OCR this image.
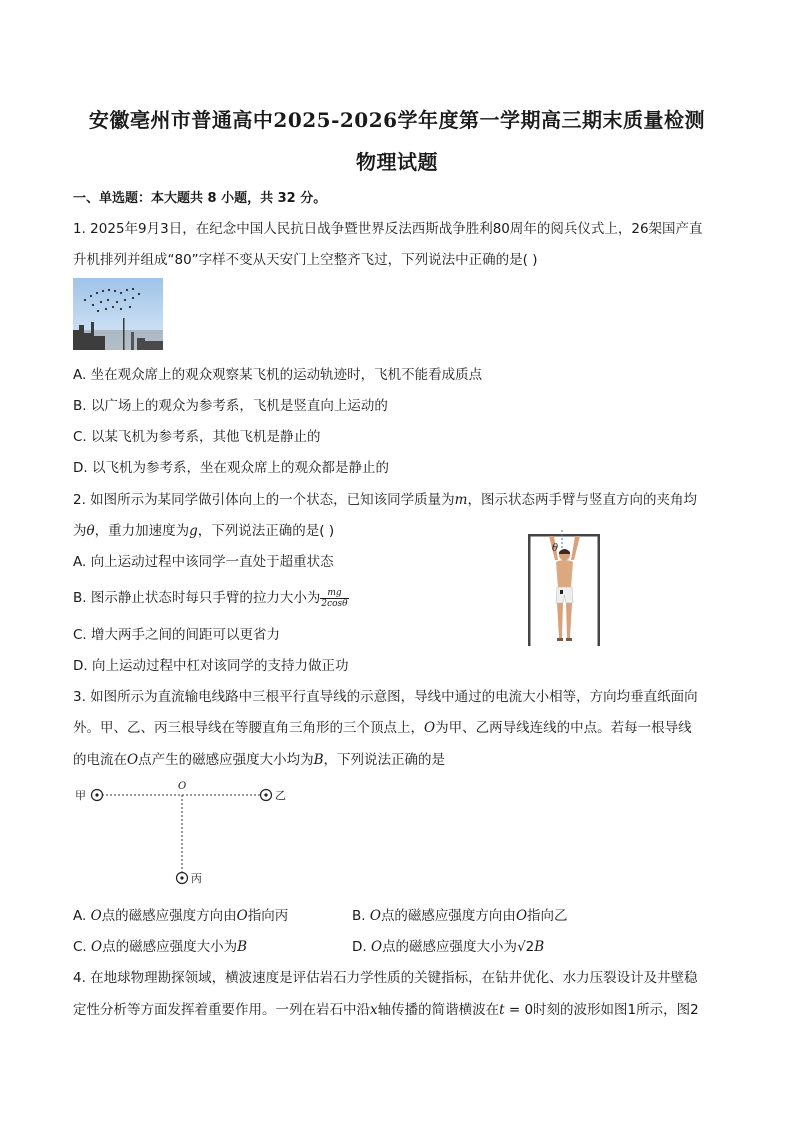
安徽亳州市普通高中2025-2026学年度第一学期高三期末质量检测
物理试题
一、单选题：本大题共 8 小题，共 32 分。
1. 2025年9月3日，在纪念中国人民抗日战争暨世界反法西斯战争胜利80周年的阅兵仪式上，26架国产直
升机排列并组成“80”字样不变从天安门上空整齐飞过，下列说法中正确的是( )
A. 坐在观众席上的观众观察某飞机的运动轨迹时，飞机不能看成质点
B. 以广场上的观众为参考系，飞机是竖直向上运动的
C. 以某飞机为参考系，其他飞机是静止的
D. 以飞机为参考系，坐在观众席上的观众都是静止的
2. 如图所示为某同学做引体向上的一个状态，已知该同学质量为m，图示状态两手臂与竖直方向的夹角均
为θ，重力加速度为g，下列说法正确的是( )
A. 向上运动过程中该同学一直处于超重状态
B. 图示静止状态时每只手臂的拉力大小为 $\frac{mg}{2\cos\theta}$
C. 增大两手之间的间距可以更省力
D. 向上运动过程中杠对该同学的支持力做正功
θ
3. 如图所示为直流输电线路中三根平行直导线的示意图，导线中通过的电流大小相等，方向均垂直纸面向
外。甲、乙、丙三根导线在等腰直角三角形的三个顶点上，O为甲、乙两导线连线的中点。若每一根导线
的电流在O点产生的磁感应强度大小均为B，下列说法正确的是
甲	乙
丙
O
A. O点的磁感应强度方向由O指向丙	B. O点的磁感应强度方向由O指向乙
C. O点的磁感应强度大小为B	D. O点的磁感应强度大小为√2B
4. 在地球物理勘探领域，横波速度是评估岩石力学性质的关键指标，在钻井优化、水力压裂设计及井壁稳
定性分析等方面发挥着重要作用。一列在岩石中沿x轴传播的简谐横波在t = 0时刻的波形如图1所示，图2
